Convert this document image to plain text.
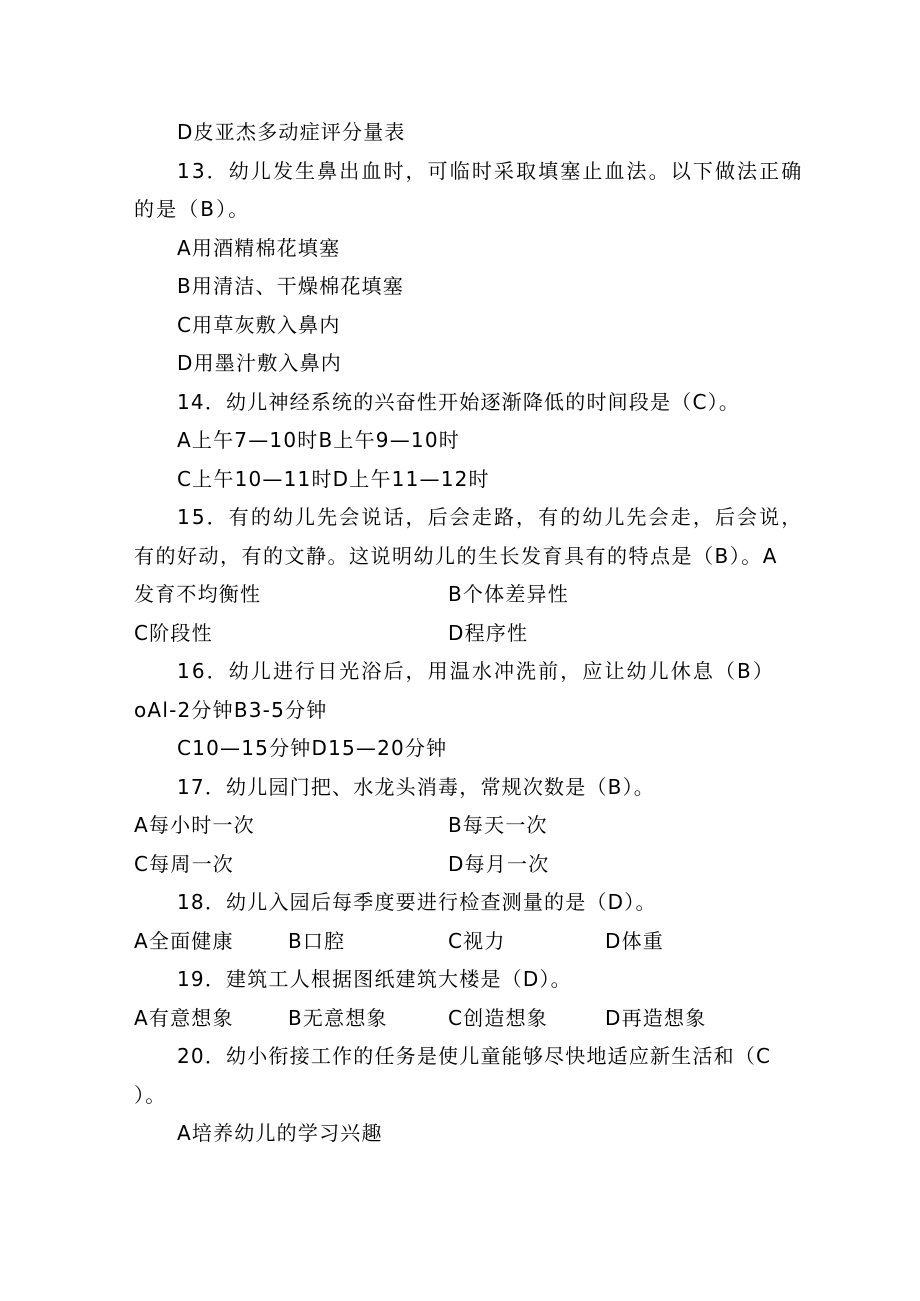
D皮亚杰多动症评分量表
13．幼儿发生鼻出血时，可临时采取填塞止血法。以下做法正确
的是（B）。
A用酒精棉花填塞
B用清洁、干燥棉花填塞
C用草灰敷入鼻内
D用墨汁敷入鼻内
14．幼儿神经系统的兴奋性开始逐渐降低的时间段是（C）。
A上午7—10时B上午9—10时
C上午10—11时D上午11—12时
15．有的幼儿先会说话，后会走路，有的幼儿先会走，后会说，
有的好动，有的文静。这说明幼儿的生长发育具有的特点是（B）。A
发育不均衡性	B个体差异性
C阶段性	D程序性
16．幼儿进行日光浴后，用温水冲洗前，应让幼儿休息（B）
oAl-2分钟B3-5分钟
C10—15分钟D15—20分钟
17．幼儿园门把、水龙头消毒，常规次数是（B）。
A每小时一次	B每天一次
C每周一次	D每月一次
18．幼儿入园后每季度要进行检查测量的是（D）。
A全面健康	B口腔	C视力	D体重
19．建筑工人根据图纸建筑大楼是（D）。
A有意想象	B无意想象	C创造想象	D再造想象
20．幼小衔接工作的任务是使儿童能够尽快地适应新生活和（C
）。
A培养幼儿的学习兴趣
